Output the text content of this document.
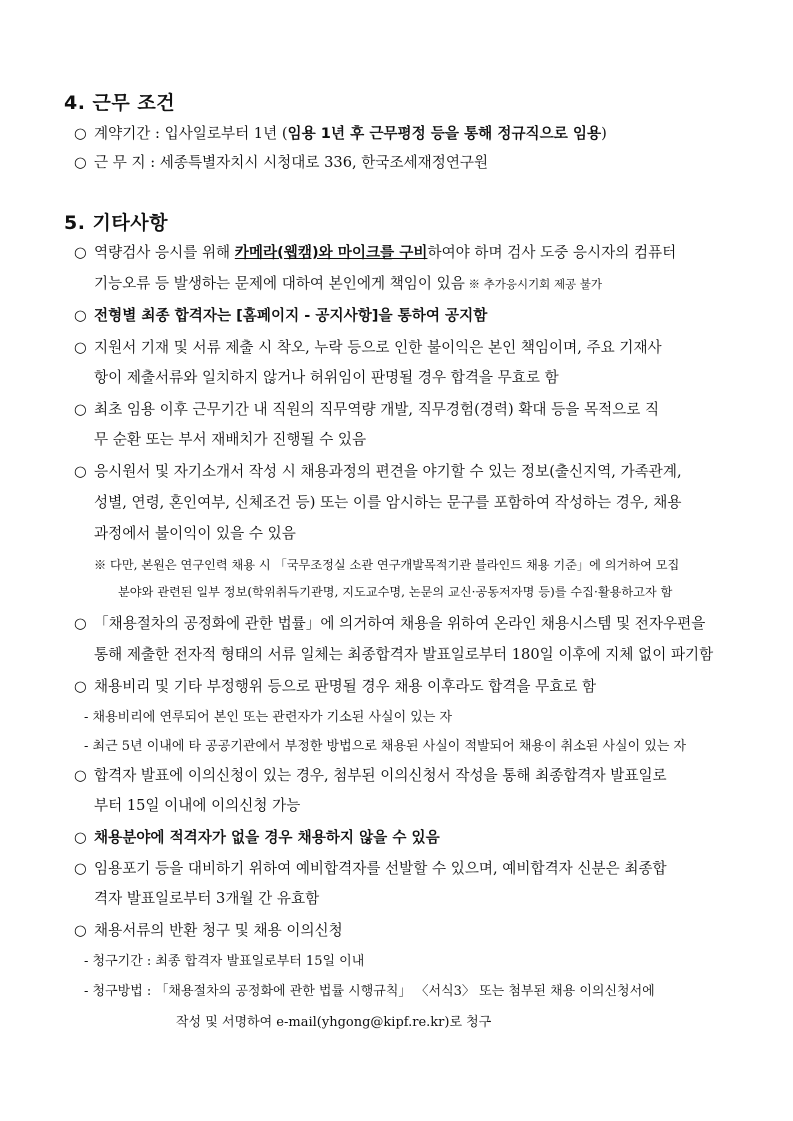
4. 근무 조건
○ 계약기간 : 입사일로부터 1년 (임용 1년 후 근무평정 등을 통해 정규직으로 임용)
○ 근 무 지 : 세종특별자치시 시청대로 336, 한국조세재정연구원
5. 기타사항
○ 역량검사 응시를 위해 카메라(웹캠)와 마이크를 구비하여야 하며 검사 도중 응시자의 컴퓨터
기능오류 등 발생하는 문제에 대하여 본인에게 책임이 있음 ※ 추가응시기회 제공 불가
○ 전형별 최종 합격자는 [홈페이지 - 공지사항]을 통하여 공지함
○ 지원서 기재 및 서류 제출 시 착오, 누락 등으로 인한 불이익은 본인 책임이며, 주요 기재사
항이 제출서류와 일치하지 않거나 허위임이 판명될 경우 합격을 무효로 함
○ 최초 임용 이후 근무기간 내 직원의 직무역량 개발, 직무경험(경력) 확대 등을 목적으로 직
무 순환 또는 부서 재배치가 진행될 수 있음
○ 응시원서 및 자기소개서 작성 시 채용과정의 편견을 야기할 수 있는 정보(출신지역, 가족관계,
성별, 연령, 혼인여부, 신체조건 등) 또는 이를 암시하는 문구를 포함하여 작성하는 경우, 채용
과정에서 불이익이 있을 수 있음
※ 다만, 본원은 연구인력 채용 시 「국무조정실 소관 연구개발목적기관 블라인드 채용 기준」에 의거하여 모집
분야와 관련된 일부 정보(학위취득기관명, 지도교수명, 논문의 교신·공동저자명 등)를 수집·활용하고자 함
○ 「채용절차의 공정화에 관한 법률」에 의거하여 채용을 위하여 온라인 채용시스템 및 전자우편을
통해 제출한 전자적 형태의 서류 일체는 최종합격자 발표일로부터 180일 이후에 지체 없이 파기함
○ 채용비리 및 기타 부정행위 등으로 판명될 경우 채용 이후라도 합격을 무효로 함
- 채용비리에 연루되어 본인 또는 관련자가 기소된 사실이 있는 자
- 최근 5년 이내에 타 공공기관에서 부정한 방법으로 채용된 사실이 적발되어 채용이 취소된 사실이 있는 자
○ 합격자 발표에 이의신청이 있는 경우, 첨부된 이의신청서 작성을 통해 최종합격자 발표일로
부터 15일 이내에 이의신청 가능
○ 채용분야에 적격자가 없을 경우 채용하지 않을 수 있음
○ 임용포기 등을 대비하기 위하여 예비합격자를 선발할 수 있으며, 예비합격자 신분은 최종합
격자 발표일로부터 3개월 간 유효함
○ 채용서류의 반환 청구 및 채용 이의신청
- 청구기간 : 최종 합격자 발표일로부터 15일 이내
- 청구방법 : 「채용절차의 공정화에 관한 법률 시행규칙」 〈서식3〉 또는 첨부된 채용 이의신청서에
작성 및 서명하여 e-mail(yhgong@kipf.re.kr)로 청구
